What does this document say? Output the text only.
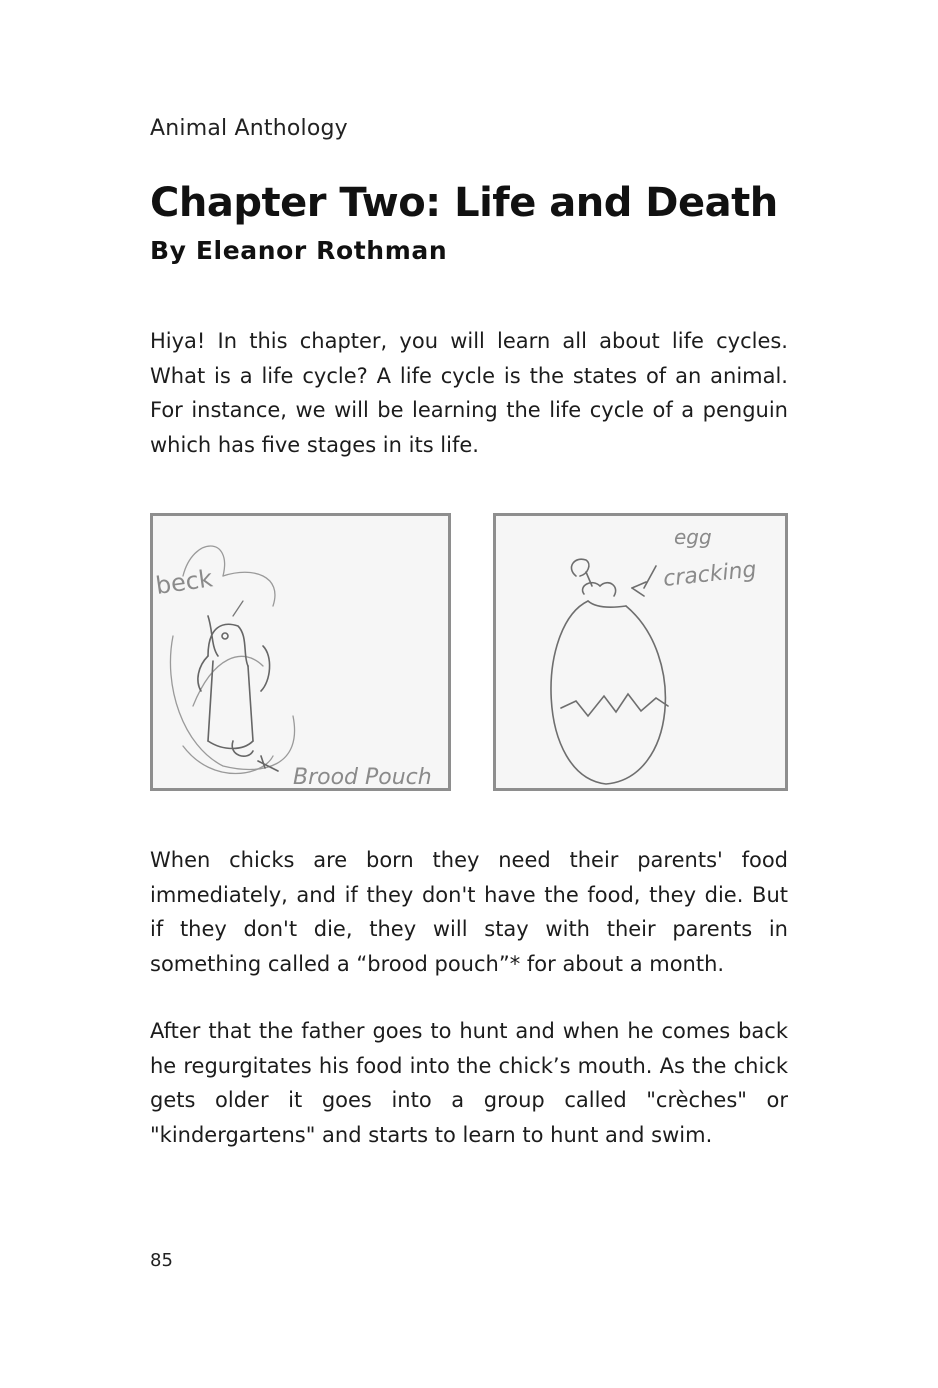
Animal Anthology
Chapter Two: Life and Death
By Eleanor Rothman

Hiya! In this chapter, you will learn all about life cycles. What is a life cycle? A life cycle is the states of an animal. For instance, we will be learning the life cycle of a penguin which has five stages in its life.

beck
Brood Pouch
egg
cracking

When chicks are born they need their parents' food immediately, and if they don't have the food, they die. But if they don't die, they will stay with their parents in something called a “brood pouch”* for about a month.

After that the father goes to hunt and when he comes back he regurgitates his food into the chick’s mouth. As the chick gets older it goes into a group called "crèches" or "kindergartens" and starts to learn to hunt and swim.

85
